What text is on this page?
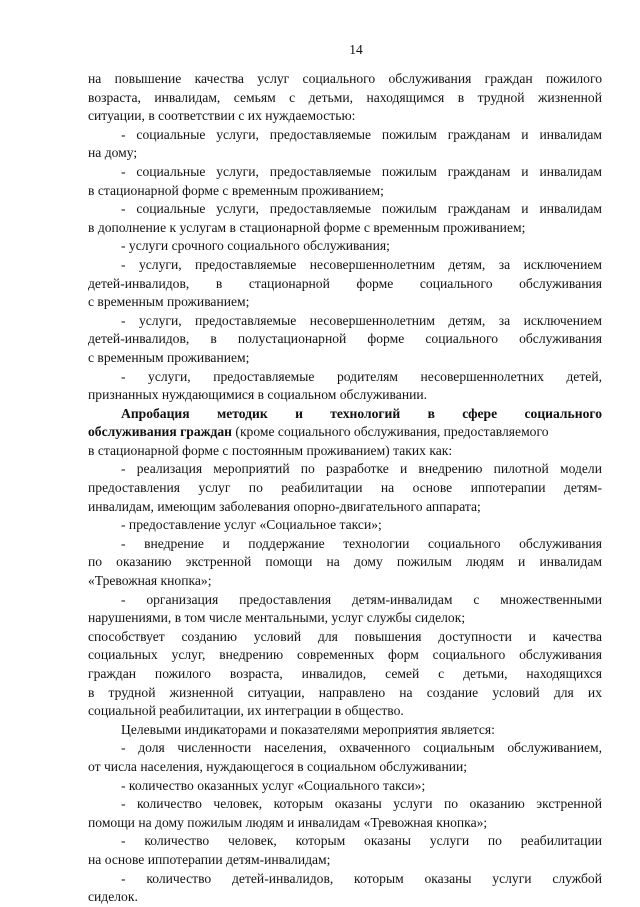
14
на повышение качества услуг социального обслуживания граждан пожилого
возраста, инвалидам, семьям с детьми, находящимся в трудной жизненной
ситуации, в соответствии с их нуждаемостью:
- социальные услуги, предоставляемые пожилым гражданам и инвалидам
на дому;
- социальные услуги, предоставляемые пожилым гражданам и инвалидам
в стационарной форме с временным проживанием;
- социальные услуги, предоставляемые пожилым гражданам и инвалидам
в дополнение к услугам в стационарной форме с временным проживанием;
- услуги срочного социального обслуживания;
- услуги, предоставляемые несовершеннолетним детям, за исключением
детей-инвалидов, в стационарной форме социального обслуживания
с временным проживанием;
- услуги, предоставляемые несовершеннолетним детям, за исключением
детей-инвалидов, в полустационарной форме социального обслуживания
с временным проживанием;
- услуги, предоставляемые родителям несовершеннолетних детей,
признанных нуждающимися в социальном обслуживании.
Апробация методик и технологий в сфере социального
обслуживания граждан (кроме социального обслуживания, предоставляемого
в стационарной форме с постоянным проживанием) таких как:
- реализация мероприятий по разработке и внедрению пилотной модели
предоставления услуг по реабилитации на основе иппотерапии детям-
инвалидам, имеющим заболевания опорно-двигательного аппарата;
- предоставление услуг «Социальное такси»;
- внедрение и поддержание технологии социального обслуживания
по оказанию экстренной помощи на дому пожилым людям и инвалидам
«Тревожная кнопка»;
- организация предоставления детям-инвалидам с множественными
нарушениями, в том числе ментальными, услуг службы сиделок;
способствует созданию условий для повышения доступности и качества
социальных услуг, внедрению современных форм социального обслуживания
граждан пожилого возраста, инвалидов, семей с детьми, находящихся
в трудной жизненной ситуации, направлено на создание условий для их
социальной реабилитации, их интеграции в общество.
Целевыми индикаторами и показателями мероприятия является:
- доля численности населения, охваченного социальным обслуживанием,
от числа населения, нуждающегося в социальном обслуживании;
- количество оказанных услуг «Социального такси»;
- количество человек, которым оказаны услуги по оказанию экстренной
помощи на дому пожилым людям и инвалидам «Тревожная кнопка»;
- количество человек, которым оказаны услуги по реабилитации
на основе иппотерапии детям-инвалидам;
- количество детей-инвалидов, которым оказаны услуги службой
сиделок.
